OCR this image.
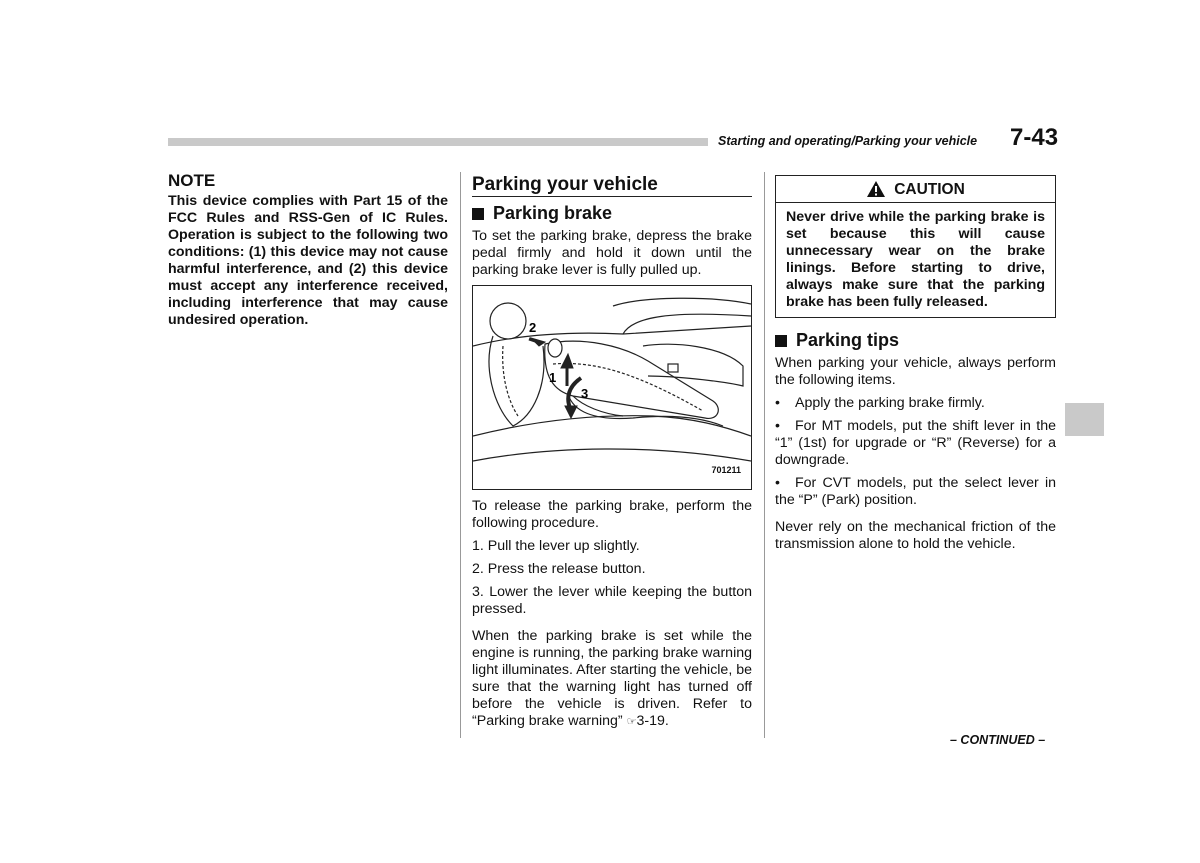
Starting and operating/Parking your vehicle 7-43

NOTE

This device complies with Part 15 of the FCC Rules and RSS-Gen of IC Rules. Operation is subject to the following two conditions: (1) this device may not cause harmful interference, and (2) this device must accept any interference received, including interference that may cause undesired operation.

Parking your vehicle

Parking brake

To set the parking brake, depress the brake pedal firmly and hold it down until the parking brake lever is fully pulled up.

2
1
3
701211

To release the parking brake, perform the following procedure.

1. Pull the lever up slightly.

2. Press the release button.

3. Lower the lever while keeping the button pressed.

When the parking brake is set while the engine is running, the parking brake warning light illuminates. After starting the vehicle, be sure that the warning light has turned off before the vehicle is driven. Refer to “Parking brake warning” ☞3-19.

CAUTION
Never drive while the parking brake is set because this will cause unnecessary wear on the brake linings. Before starting to drive, always make sure that the parking brake has been fully released.

Parking tips

When parking your vehicle, always perform the following items.

• Apply the parking brake firmly.

• For MT models, put the shift lever in the “1” (1st) for upgrade or “R” (Reverse) for a downgrade.

• For CVT models, put the select lever in the “P” (Park) position.

Never rely on the mechanical friction of the transmission alone to hold the vehicle.

– CONTINUED –
